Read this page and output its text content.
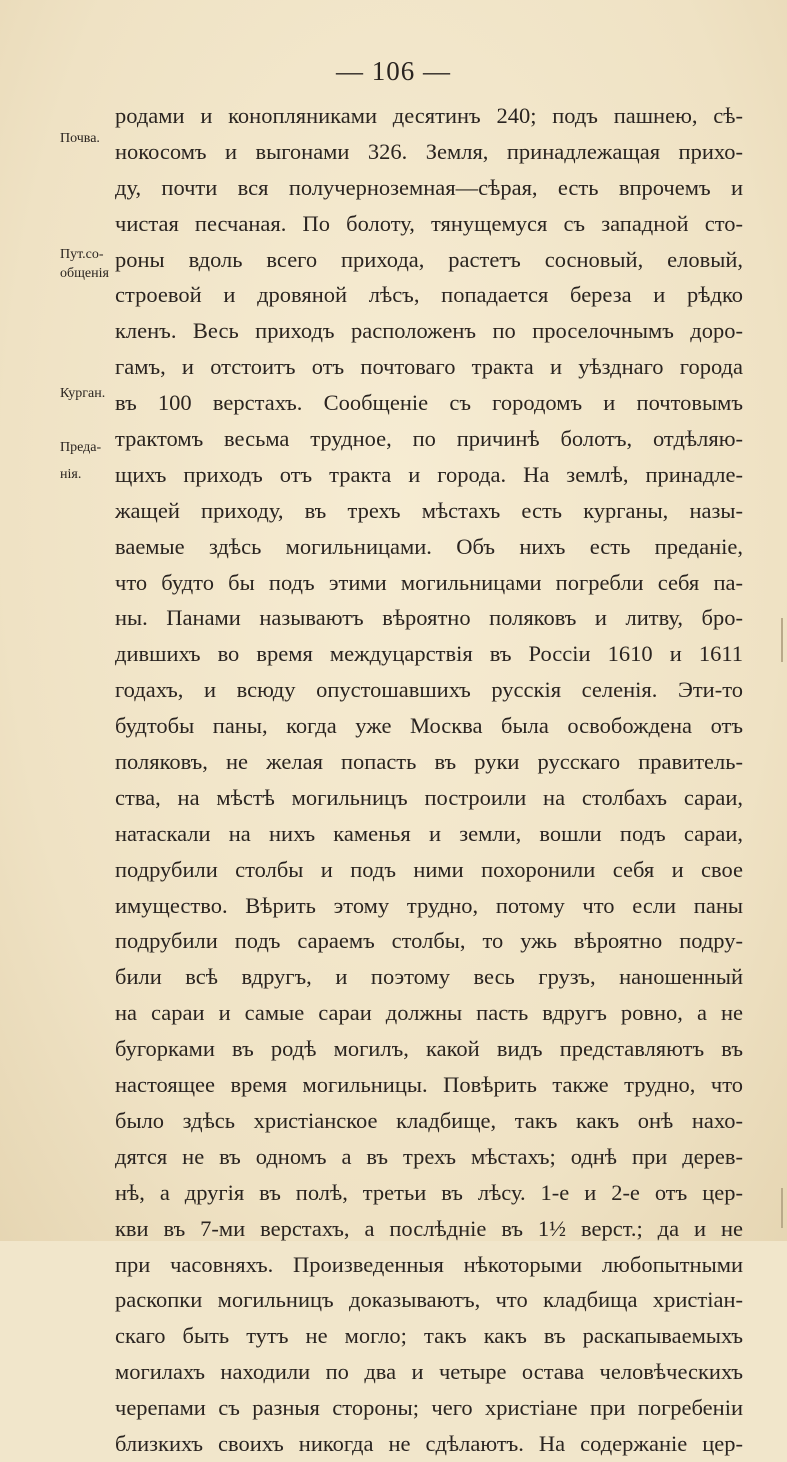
— 106 —
Почва.
Пут.со-
общенія
Курган.
Преда-
нія.
родами и конопляниками десятинъ 240; подъ пашнею, сѣ-
нокосомъ и выгонами 326. Земля, принадлежащая прихо-
ду, почти вся получерноземная—сѣрая, есть впрочемъ и
чистая песчаная. По болоту, тянущемуся съ западной сто-
роны вдоль всего прихода, растетъ сосновый, еловый,
строевой и дровяной лѣсъ, попадается береза и рѣдко
кленъ. Весь приходъ расположенъ по проселочнымъ доро-
гамъ, и отстоитъ отъ почтоваго тракта и уѣзднаго города
въ 100 верстахъ. Сообщеніе съ городомъ и почтовымъ
трактомъ весьма трудное, по причинѣ болотъ, отдѣляю-
щихъ приходъ отъ тракта и города. На землѣ, принадле-
жащей приходу, въ трехъ мѣстахъ есть курганы, назы-
ваемые здѣсь могильницами. Объ нихъ есть преданіе,
что будто бы подъ этими могильницами погребли себя па-
ны. Панами называютъ вѣроятно поляковъ и литву, бро-
дившихъ во время междуцарствія въ Россіи 1610 и 1611
годахъ, и всюду опустошавшихъ русскія селенія. Эти-то
будтобы паны, когда уже Москва была освобождена отъ
поляковъ, не желая попасть въ руки русскаго правитель-
ства, на мѣстѣ могильницъ построили на столбахъ сараи,
натаскали на нихъ каменья и земли, вошли подъ сараи,
подрубили столбы и подъ ними похоронили себя и свое
имущество. Вѣрить этому трудно, потому что если паны
подрубили подъ сараемъ столбы, то ужь вѣроятно подру-
били всѣ вдругъ, и поэтому весь грузъ, наношенный
на сараи и самые сараи должны пасть вдругъ ровно, а не
бугорками въ родѣ могилъ, какой видъ представляютъ въ
настоящее время могильницы. Повѣрить также трудно, что
было здѣсь христіанское кладбище, такъ какъ онѣ нахо-
дятся не въ одномъ а въ трехъ мѣстахъ; однѣ при дерев-
нѣ, а другія въ полѣ, третьи въ лѣсу. 1-е и 2-е отъ цер-
кви въ 7-ми верстахъ, а послѣдніе въ 1½ верст.; да и не
при часовняхъ. Произведенныя нѣкоторыми любопытными
раскопки могильницъ доказываютъ, что кладбища христіан-
скаго быть тутъ не могло; такъ какъ въ раскапываемыхъ
могилахъ находили по два и четыре остава человѣческихъ
черепами съ разныя стороны; чего христіане при погребеніи
близкихъ своихъ никогда не сдѣлаютъ. На содержаніе цер-
